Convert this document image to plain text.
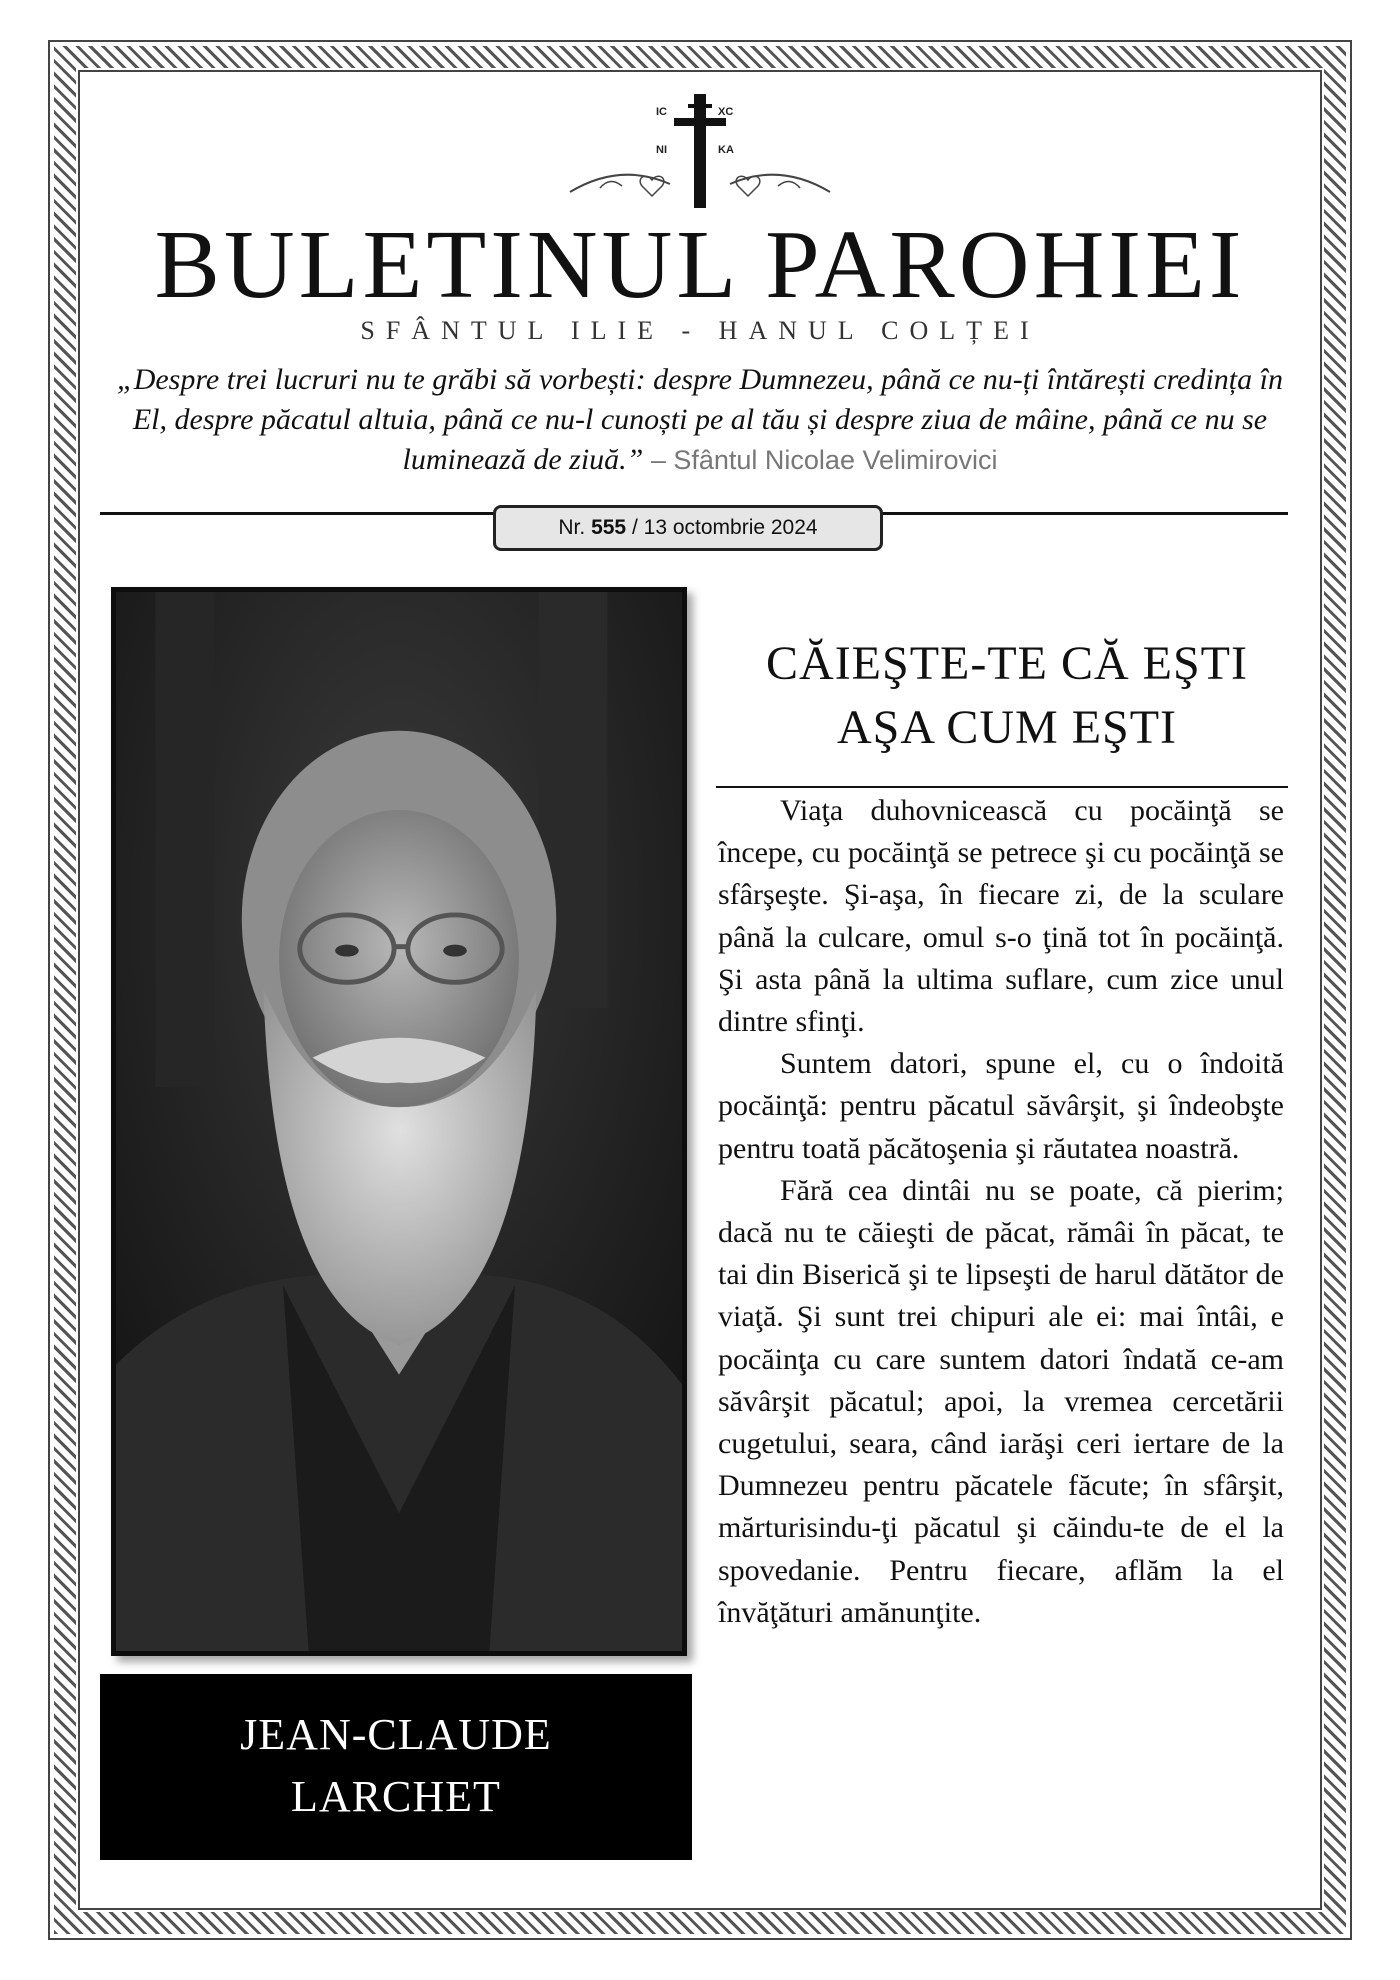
IC	XC
NI	KA
BULETINUL PAROHIEI
SFÂNTUL ILIE - HANUL COLȚEI
„Despre trei lucruri nu te grăbi să vorbești: despre Dumnezeu, până ce nu-ți întărești credința în El, despre păcatul altuia, până ce nu-l cunoști pe al tău și despre ziua de mâine, până ce nu se luminează de ziuă.” – Sfântul Nicolae Velimirovici
Nr. 555 / 13 octombrie 2024
JEAN-CLAUDE
LARCHET
CĂIEŞTE-TE CĂ EŞTI
AŞA CUM EŞTI

Viaţa duhovnicească cu pocăinţă se începe, cu pocăinţă se petrece şi cu pocăinţă se sfârşeşte. Şi-aşa, în fiecare zi, de la sculare până la culcare, omul s-o ţină tot în pocăinţă. Şi asta până la ultima suflare, cum zice unul dintre sfinţi.

Suntem datori, spune el, cu o îndoită pocăinţă: pentru păcatul săvârşit, şi îndeobşte pentru toată păcătoşenia şi răutatea noastră.

Fără cea dintâi nu se poate, că pierim; dacă nu te căieşti de păcat, rămâi în păcat, te tai din Biserică şi te lipseşti de harul dătător de viaţă. Şi sunt trei chipuri ale ei: mai întâi, e pocăinţa cu care suntem datori îndată ce-am săvârşit păcatul; apoi, la vremea cercetării cugetului, seara, când iarăşi ceri iertare de la Dumnezeu pentru păcatele făcute; în sfârşit, mărturisindu-ţi păcatul şi căindu-te de el la spovedanie. Pentru fiecare, aflăm la el învăţături amănunţite.
